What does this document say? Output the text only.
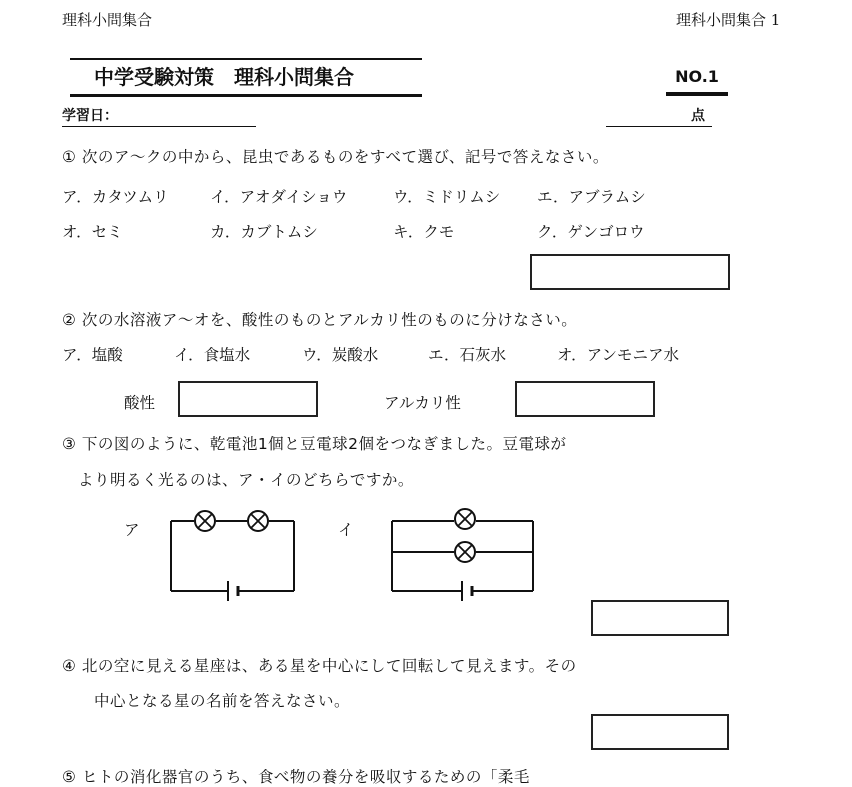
理科小問集合	理科小問集合 1
中学受験対策　理科小問集合	NO.1
学習日：	点
① 次のア～クの中から、昆虫であるものをすべて選び、記号で答えなさい。
ア．カタツムリ	イ．アオダイショウ	ウ．ミドリムシ エ．アブラムシ
オ．セミ	カ．カブトムシ	キ．クモ	ク．ゲンゴロウ
② 次の水溶液ア～オを、酸性のものとアルカリ性のものに分けなさい。
ア．塩酸	イ．食塩水	ウ．炭酸水	エ．石灰水	オ．アンモニア水
酸性	アルカリ性
③ 下の図のように、乾電池1個と豆電球2個をつなぎました。豆電球が
より明るく光るのは、ア・イのどちらですか。
ア	イ
④ 北の空に見える星座は、ある星を中心にして回転して見えます。その
中心となる星の名前を答えなさい。
⑤ ヒトの消化器官のうち、食べ物の養分を吸収するための「柔毛
